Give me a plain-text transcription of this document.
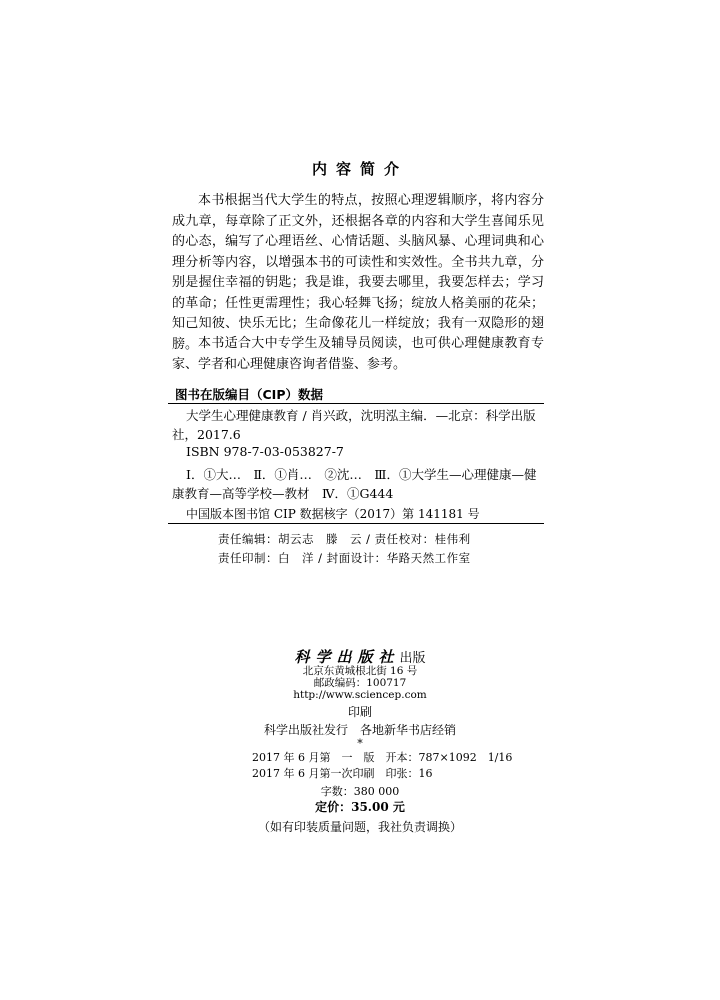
内容简介

本书根据当代大学生的特点，按照心理逻辑顺序，将内容分成九章，每章除了正文外，还根据各章的内容和大学生喜闻乐见的心态，编写了心理语丝、心情话题、头脑风暴、心理词典和心理分析等内容，以增强本书的可读性和实效性。全书共九章，分别是握住幸福的钥匙；我是谁，我要去哪里，我要怎样去；学习的革命；任性更需理性；我心轻舞飞扬；绽放人格美丽的花朵；知己知彼、快乐无比；生命像花儿一样绽放；我有一双隐形的翅膀。 本书适合大中专学生及辅导员阅读，也可供心理健康教育专家、学者和心理健康咨询者借鉴、参考。

图书在版编目（CIP）数据

大学生心理健康教育 / 肖兴政，沈明泓主编．—北京：科学出版社，2017.6

ISBN 978-7-03-053827-7

Ⅰ．①大…　Ⅱ．①肖…　②沈…　Ⅲ．①大学生—心理健康—健康教育—高等学校—教材　Ⅳ．①G444

中国版本图书馆 CIP 数据核字（2017）第 141181 号

责任编辑：胡云志　滕　云 / 责任校对：桂伟利
责任印制：白　洋 / 封面设计：华路天然工作室
科学出版社出版
北京东黄城根北街 16 号
邮政编码：100717
http://www.sciencep.com
印刷
科学出版社发行　各地新华书店经销
*
2017 年 6 月第　一　版　开本：787×1092　1/16
2017 年 6 月第一次印刷　印张：16
字数：380 000
定价：35.00 元
（如有印装质量问题，我社负责调换）
